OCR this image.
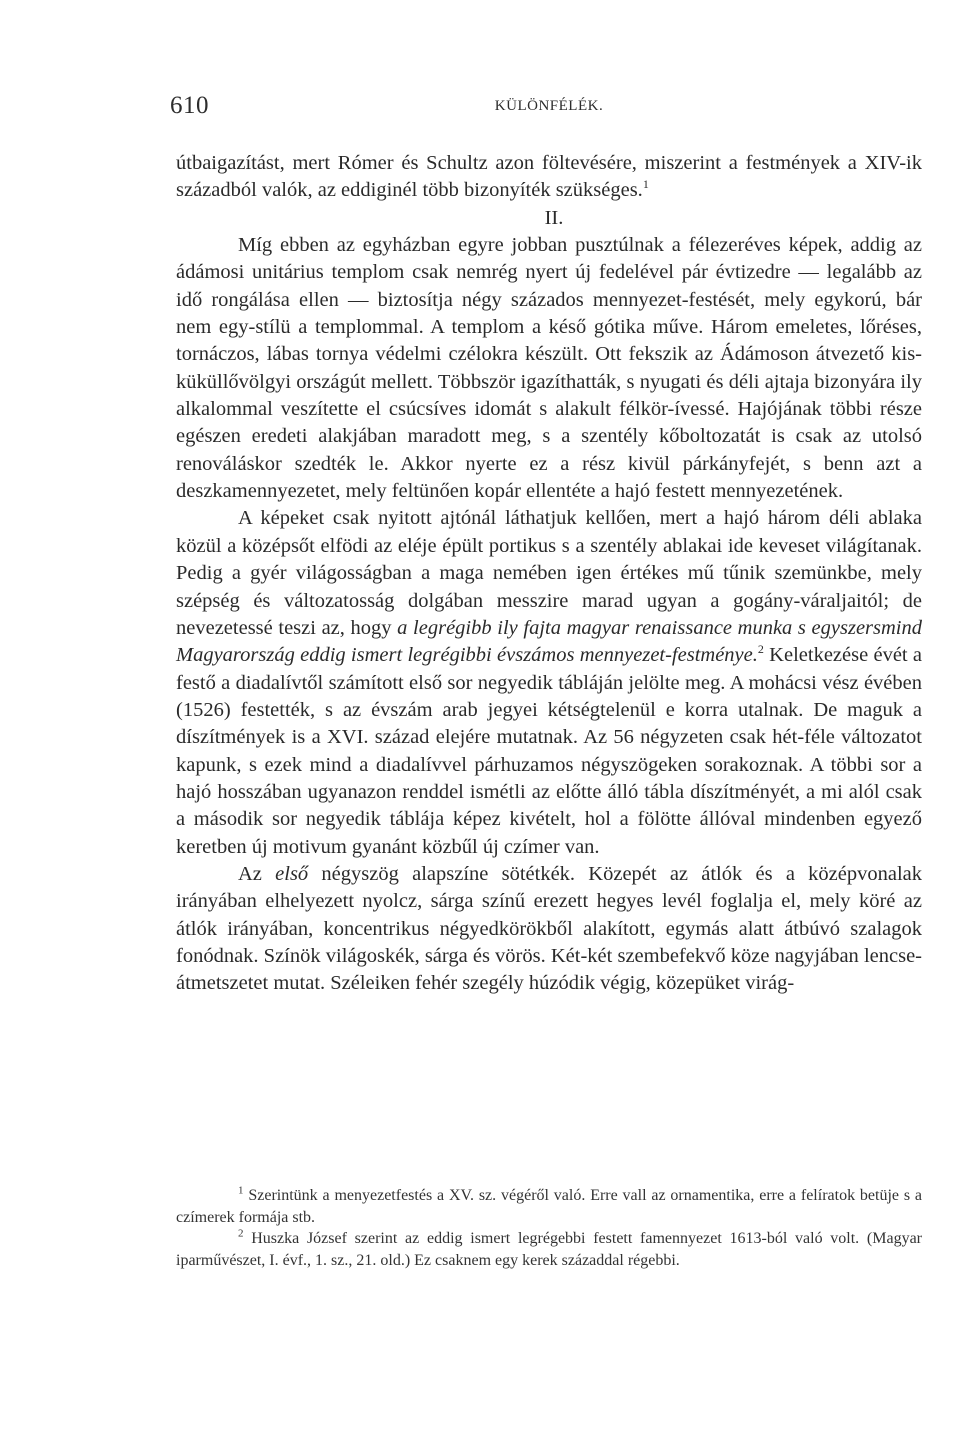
610	KÜLÖNFÉLÉK.

útbaigazítást, mert Rómer és Schultz azon föltevésére, miszerint a festmények a XIV-ik századból valók, az eddiginél több bizonyíték szükséges.$^1$

II.

Míg ebben az egyházban egyre jobban pusztúlnak a félezeréves képek, addig az ádámosi unitárius templom csak nemrég nyert új fedelével pár évtizedre — legalább az idő rongálása ellen — biztosítja négy százados mennyezet-festését, mely egykorú, bár nem egy-stílü a templommal. A templom a késő gótika műve. Három emeletes, lőréses, tornáczos, lábas tornya védelmi czélokra készült. Ott fekszik az Ádámoson átvezető kis-küküllővölgyi országút mellett. Többször igazíthatták, s nyugati és déli ajtaja bizonyára ily alkalommal veszítette el csúcsíves idomát s alakult félkör-ívessé. Hajójának többi része egészen eredeti alakjában maradott meg, s a szentély kőboltozatát is csak az utolsó renováláskor szedték le. Akkor nyerte ez a rész kivül párkányfejét, s benn azt a deszkamennyezetet, mely feltünően kopár ellentéte a hajó festett mennyezetének.

A képeket csak nyitott ajtónál láthatjuk kellően, mert a hajó három déli ablaka közül a középsőt elfödi az eléje épült portikus s a szentély ablakai ide keveset világítanak. Pedig a gyér világosságban a maga nemében igen értékes mű tűnik szemünkbe, mely szépség és változatosság dolgában messzire marad ugyan a gogány-váraljaitól; de nevezetessé teszi az, hogy a legrégibb ily fajta magyar renaissance munka s egyszersmind Magyarország eddig ismert legrégibbi évszámos mennyezet-festménye.$^2$ Keletkezése évét a festő a diadalívtől számított első sor negyedik tábláján jelölte meg. A mohácsi vész évében (1526) festették, s az évszám arab jegyei kétségtelenül e korra utalnak. De maguk a díszítmények is a XVI. század elejére mutatnak. Az 56 négyzeten csak hét-féle változatot kapunk, s ezek mind a diadalívvel párhuzamos négyszögeken sorakoznak. A többi sor a hajó hosszában ugyanazon renddel ismétli az előtte álló tábla díszítményét, a mi alól csak a második sor negyedik táblája képez kivételt, hol a fölötte állóval mindenben egyező keretben új motivum gyanánt közbűl új czímer van.

Az első négyszög alapszíne sötétkék. Közepét az átlók és a középvonalak irányában elhelyezett nyolcz, sárga színű erezett hegyes levél foglalja el, mely köré az átlók irányában, koncentrikus négyedkörökből alakított, egymás alatt átbúvó szalagok fonódnak. Színök világoskék, sárga és vörös. Két-két szembefekvő köze nagyjában lencse-átmetszetet mutat. Széleiken fehér szegély húzódik végig, közepüket virág-

$^1$ Szerintünk a menyezetfestés a XV. sz. végéről való. Erre vall az ornamentika, erre a felíratok betüje s a czímerek formája stb.

$^2$ Huszka József szerint az eddig ismert legrégebbi festett famennyezet 1613-ból való volt. (Magyar iparművészet, I. évf., 1. sz., 21. old.) Ez csaknem egy kerek századdal régebbi.
